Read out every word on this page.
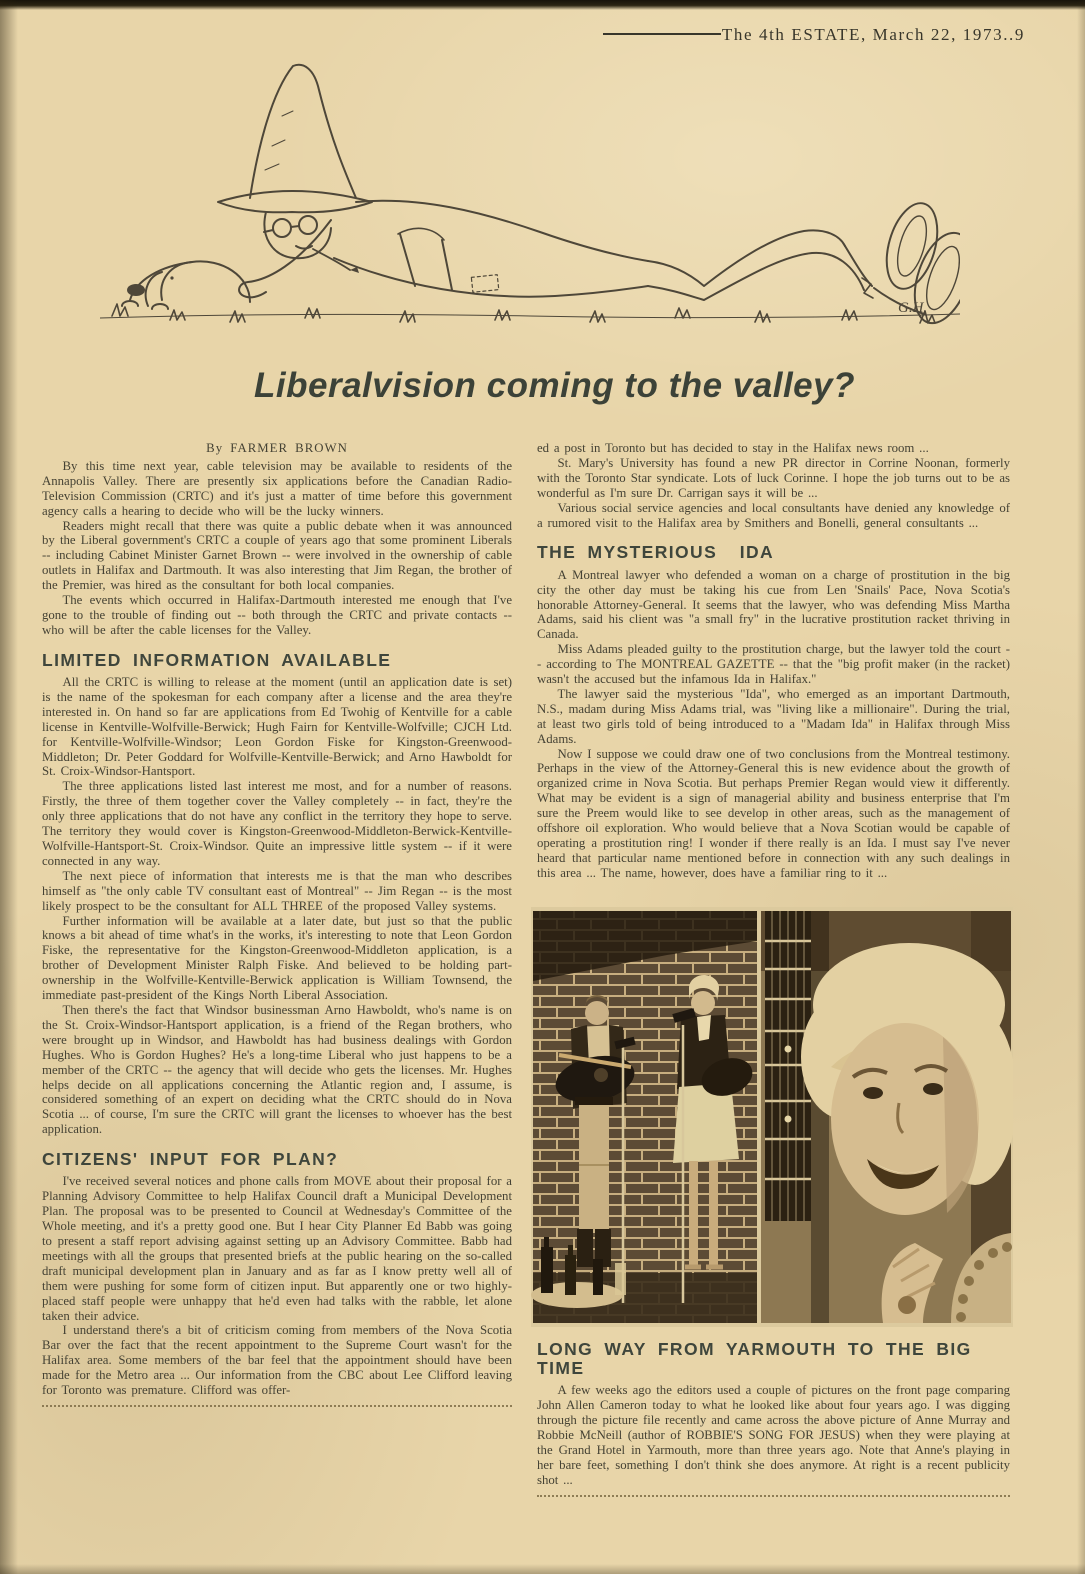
The 4th ESTATE, March 22, 1973..9
G.H.
Liberalvision coming to the valley?

By FARMER BROWN

By this time next year, cable television may be available to residents of the Annapolis Valley. There are presently six applications before the Canadian Radio-Television Commission (CRTC) and it's just a matter of time before this government agency calls a hearing to decide who will be the lucky winners.

Readers might recall that there was quite a public debate when it was announced by the Liberal government's CRTC a couple of years ago that some prominent Liberals -- including Cabinet Minister Garnet Brown -- were involved in the ownership of cable outlets in Halifax and Dartmouth. It was also interesting that Jim Regan, the brother of the Premier, was hired as the consultant for both local companies.

The events which occurred in Halifax-Dartmouth interested me enough that I've gone to the trouble of finding out -- both through the CRTC and private contacts -- who will be after the cable licenses for the Valley.

LIMITED INFORMATION AVAILABLE

All the CRTC is willing to release at the moment (until an application date is set) is the name of the spokesman for each company after a license and the area they're interested in. On hand so far are applications from Ed Twohig of Kentville for a cable license in Kentville-Wolfville-Berwick; Hugh Fairn for Kentville-Wolfville; CJCH Ltd. for Kentville-Wolfville-Windsor; Leon Gordon Fiske for Kingston-Greenwood-Middleton; Dr. Peter Goddard for Wolfville-Kentville-Berwick; and Arno Hawboldt for St. Croix-Windsor-Hantsport.

The three applications listed last interest me most, and for a number of reasons. Firstly, the three of them together cover the Valley completely -- in fact, they're the only three applications that do not have any conflict in the territory they hope to serve. The territory they would cover is Kingston-Greenwood-Middleton-Berwick-Kentville-Wolfville-Hantsport-St. Croix-Windsor. Quite an impressive little system -- if it were connected in any way.

The next piece of information that interests me is that the man who describes himself as "the only cable TV consultant east of Montreal" -- Jim Regan -- is the most likely prospect to be the consultant for ALL THREE of the proposed Valley systems.

Further information will be available at a later date, but just so that the public knows a bit ahead of time what's in the works, it's interesting to note that Leon Gordon Fiske, the representative for the Kingston-Greenwood-Middleton application, is a brother of Development Minister Ralph Fiske. And believed to be holding part-ownership in the Wolfville-Kentville-Berwick application is William Townsend, the immediate past-president of the Kings North Liberal Association.

Then there's the fact that Windsor businessman Arno Hawboldt, who's name is on the St. Croix-Windsor-Hantsport application, is a friend of the Regan brothers, who were brought up in Windsor, and Hawboldt has had business dealings with Gordon Hughes. Who is Gordon Hughes? He's a long-time Liberal who just happens to be a member of the CRTC -- the agency that will decide who gets the licenses. Mr. Hughes helps decide on all applications concerning the Atlantic region and, I assume, is considered something of an expert on deciding what the CRTC should do in Nova Scotia ... of course, I'm sure the CRTC will grant the licenses to whoever has the best application.

CITIZENS' INPUT FOR PLAN?

I've received several notices and phone calls from MOVE about their proposal for a Planning Advisory Committee to help Halifax Council draft a Municipal Development Plan. The proposal was to be presented to Council at Wednesday's Committee of the Whole meeting, and it's a pretty good one. But I hear City Planner Ed Babb was going to present a staff report advising against setting up an Advisory Committee. Babb had meetings with all the groups that presented briefs at the public hearing on the so-called draft municipal development plan in January and as far as I know pretty well all of them were pushing for some form of citizen input. But apparently one or two highly-placed staff people were unhappy that he'd even had talks with the rabble, let alone taken their advice.

I understand there's a bit of criticism coming from members of the Nova Scotia Bar over the fact that the recent appointment to the Supreme Court wasn't for the Halifax area. Some members of the bar feel that the appointment should have been made for the Metro area ... Our information from the CBC about Lee Clifford leaving for Toronto was premature. Clifford was offer-

ed a post in Toronto but has decided to stay in the Halifax news room ...

St. Mary's University has found a new PR director in Corrine Noonan, formerly with the Toronto Star syndicate. Lots of luck Corinne. I hope the job turns out to be as wonderful as I'm sure Dr. Carrigan says it will be ...

Various social service agencies and local consultants have denied any knowledge of a rumored visit to the Halifax area by Smithers and Bonelli, general consultants ...

THE MYSTERIOUS  IDA

A Montreal lawyer who defended a woman on a charge of prostitution in the big city the other day must be taking his cue from Len 'Snails' Pace, Nova Scotia's honorable Attorney-General. It seems that the lawyer, who was defending Miss Martha Adams, said his client was "a small fry" in the lucrative prostitution racket thriving in Canada.

Miss Adams pleaded guilty to the prostitution charge, but the lawyer told the court -- according to The MONTREAL GAZETTE -- that the "big profit maker (in the racket) wasn't the accused but the infamous Ida in Halifax."

The lawyer said the mysterious "Ida", who emerged as an important Dartmouth, N.S., madam during Miss Adams trial, was "living like a millionaire". During the trial, at least two girls told of being introduced to a "Madam Ida" in Halifax through Miss Adams.

Now I suppose we could draw one of two conclusions from the Montreal testimony. Perhaps in the view of the Attorney-General this is new evidence about the growth of organized crime in Nova Scotia. But perhaps Premier Regan would view it differently. What may be evident is a sign of managerial ability and business enterprise that I'm sure the Preem would like to see develop in other areas, such as the management of offshore oil exploration. Who would believe that a Nova Scotian would be capable of operating a prostitution ring! I wonder if there really is an Ida. I must say I've never heard that particular name mentioned before in connection with any such dealings in this area ... The name, however, does have a familiar ring to it ...

LONG WAY FROM YARMOUTH TO THE BIG TIME

A few weeks ago the editors used a couple of pictures on the front page comparing John Allen Cameron today to what he looked like about four years ago. I was digging through the picture file recently and came across the above picture of Anne Murray and Robbie McNeill (author of ROBBIE'S SONG FOR JESUS) when they were playing at the Grand Hotel in Yarmouth, more than three years ago. Note that Anne's playing in her bare feet, something I don't think she does anymore. At right is a recent publicity shot ...
